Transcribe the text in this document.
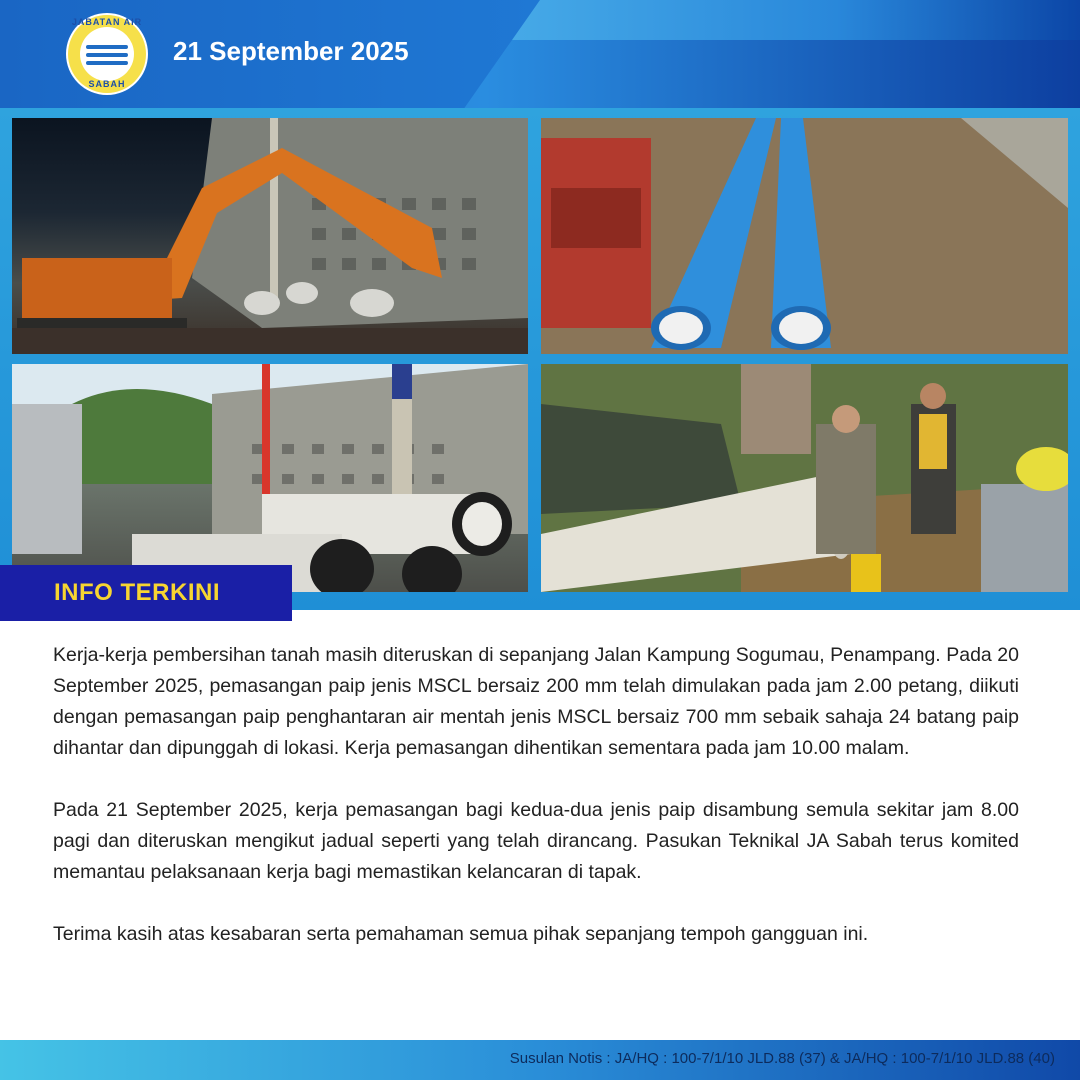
JABATAN AIR
SABAH
21 September 2025
INFO TERKINI

Kerja-kerja pembersihan tanah masih diteruskan di sepanjang Jalan Kampung Sogumau, Penampang. Pada 20 September 2025, pemasangan paip jenis MSCL bersaiz 200 mm telah dimulakan pada jam 2.00 petang, diikuti dengan pemasangan paip penghantaran air mentah jenis MSCL bersaiz 700 mm sebaik sahaja 24 batang paip dihantar dan dipunggah di lokasi. Kerja pemasangan dihentikan sementara pada jam 10.00 malam.

Pada 21 September 2025, kerja pemasangan bagi kedua-dua jenis paip disambung semula sekitar jam 8.00 pagi dan diteruskan mengikut jadual seperti yang telah dirancang. Pasukan Teknikal JA Sabah terus komited memantau pelaksanaan kerja bagi memastikan kelancaran di tapak.

Terima kasih atas kesabaran serta pemahaman semua pihak sepanjang tempoh gangguan ini.

Susulan Notis : JA/HQ : 100-7/1/10 JLD.88 (37) & JA/HQ : 100-7/1/10 JLD.88 (40)
